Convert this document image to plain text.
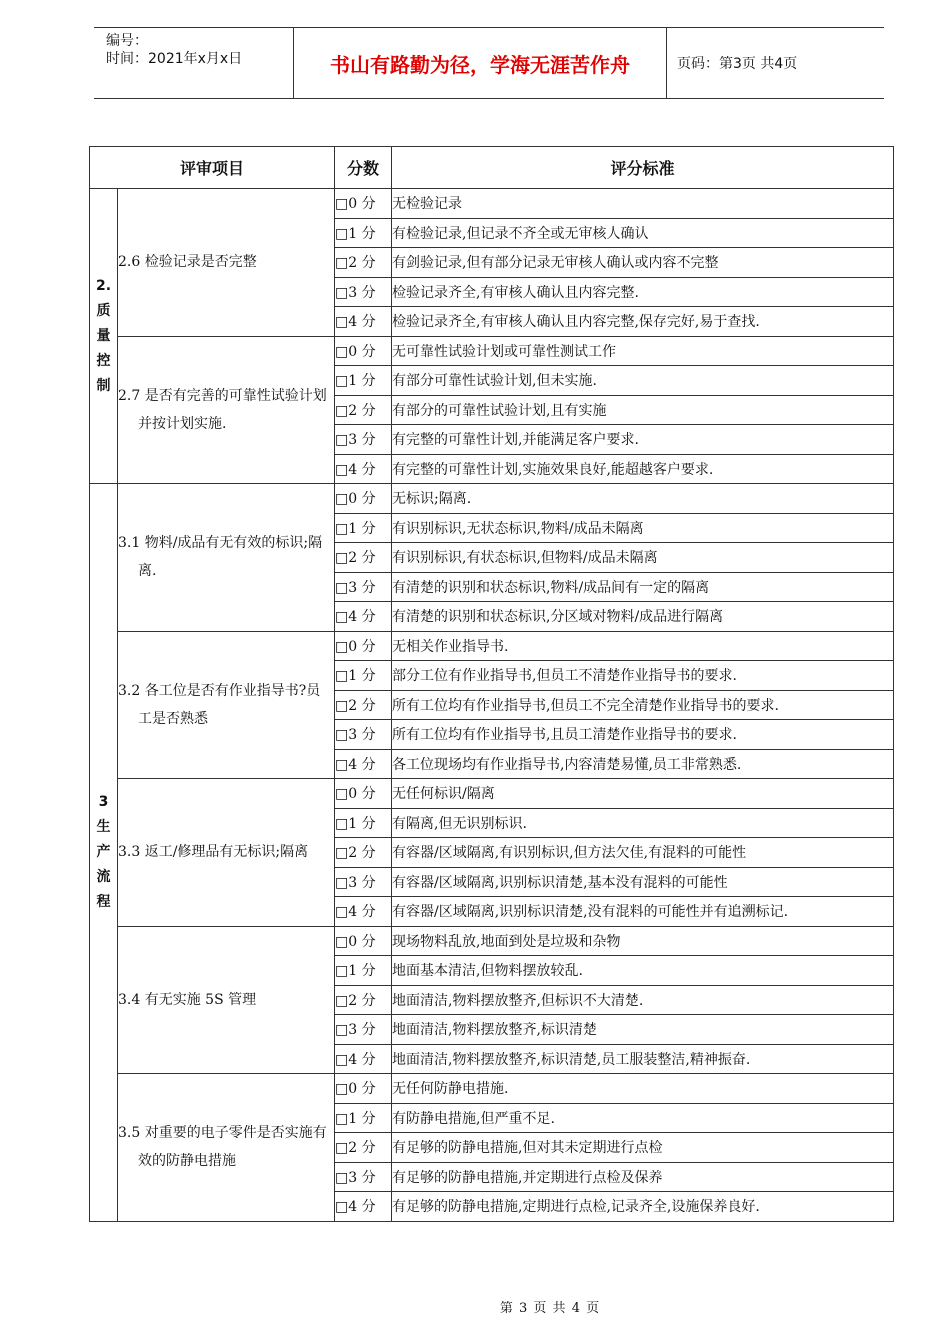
编号：
时间：2021年x月x日	书山有路勤为径，学海无涯苦作舟	页码：第3页 共4页
评审项目		分数	评分标准

2.质量控制	2.6 检验记录是否完整	□0 分	无检验记录
		□1 分	有检验记录,但记录不齐全或无审核人确认
		□2 分	有剑验记录,但有部分记录无审核人确认或内容不完整
		□3 分	检验记录齐全,有审核人确认且内容完整.
		□4 分	检验记录齐全,有审核人确认且内容完整,保存完好,易于查找.

	2.7 是否有完善的可靠性试验计划并按计划实施.	□0 分	无可靠性试验计划或可靠性测试工作
		□1 分	有部分可靠性试验计划,但未实施.
		□2 分	有部分的可靠性试验计划,且有实施
		□3 分	有完整的可靠性计划,并能满足客户要求.
		□4 分	有完整的可靠性计划,实施效果良好,能超越客户要求.

3生产流程	3.1 物料/成品有无有效的标识;隔离.	□0 分	无标识;隔离.
		□1 分	有识别标识,无状态标识,物料/成品未隔离
		□2 分	有识别标识,有状态标识,但物料/成品未隔离
		□3 分	有清楚的识别和状态标识,物料/成品间有一定的隔离
		□4 分	有清楚的识别和状态标识,分区域对物料/成品进行隔离

	3.2 各工位是否有作业指导书?员工是否熟悉	□0 分	无相关作业指导书.
		□1 分	部分工位有作业指导书,但员工不清楚作业指导书的要求.
		□2 分	所有工位均有作业指导书,但员工不完全清楚作业指导书的要求.
		□3 分	所有工位均有作业指导书,且员工清楚作业指导书的要求.
		□4 分	各工位现场均有作业指导书,内容清楚易懂,员工非常熟悉.

	3.3 返工/修理品有无标识;隔离	□0 分	无任何标识/隔离
		□1 分	有隔离,但无识别标识.
		□2 分	有容器/区域隔离,有识别标识,但方法欠佳,有混料的可能性
		□3 分	有容器/区域隔离,识别标识清楚,基本没有混料的可能性
		□4 分	有容器/区域隔离,识别标识清楚,没有混料的可能性并有追溯标记.

	3.4 有无实施 5S 管理	□0 分	现场物料乱放,地面到处是垃圾和杂物
		□1 分	地面基本清洁,但物料摆放较乱.
		□2 分	地面清洁,物料摆放整齐,但标识不大清楚.
		□3 分	地面清洁,物料摆放整齐,标识清楚
		□4 分	地面清洁,物料摆放整齐,标识清楚,员工服装整洁,精神振奋.

	3.5 对重要的电子零件是否实施有效的防静电措施	□0 分	无任何防静电措施.
		□1 分	有防静电措施,但严重不足.
		□2 分	有足够的防静电措施,但对其未定期进行点检
		□3 分	有足够的防静电措施,并定期进行点检及保养
		□4 分	有足够的防静电措施,定期进行点检,记录齐全,设施保养良好.
第 3 页 共 4 页
